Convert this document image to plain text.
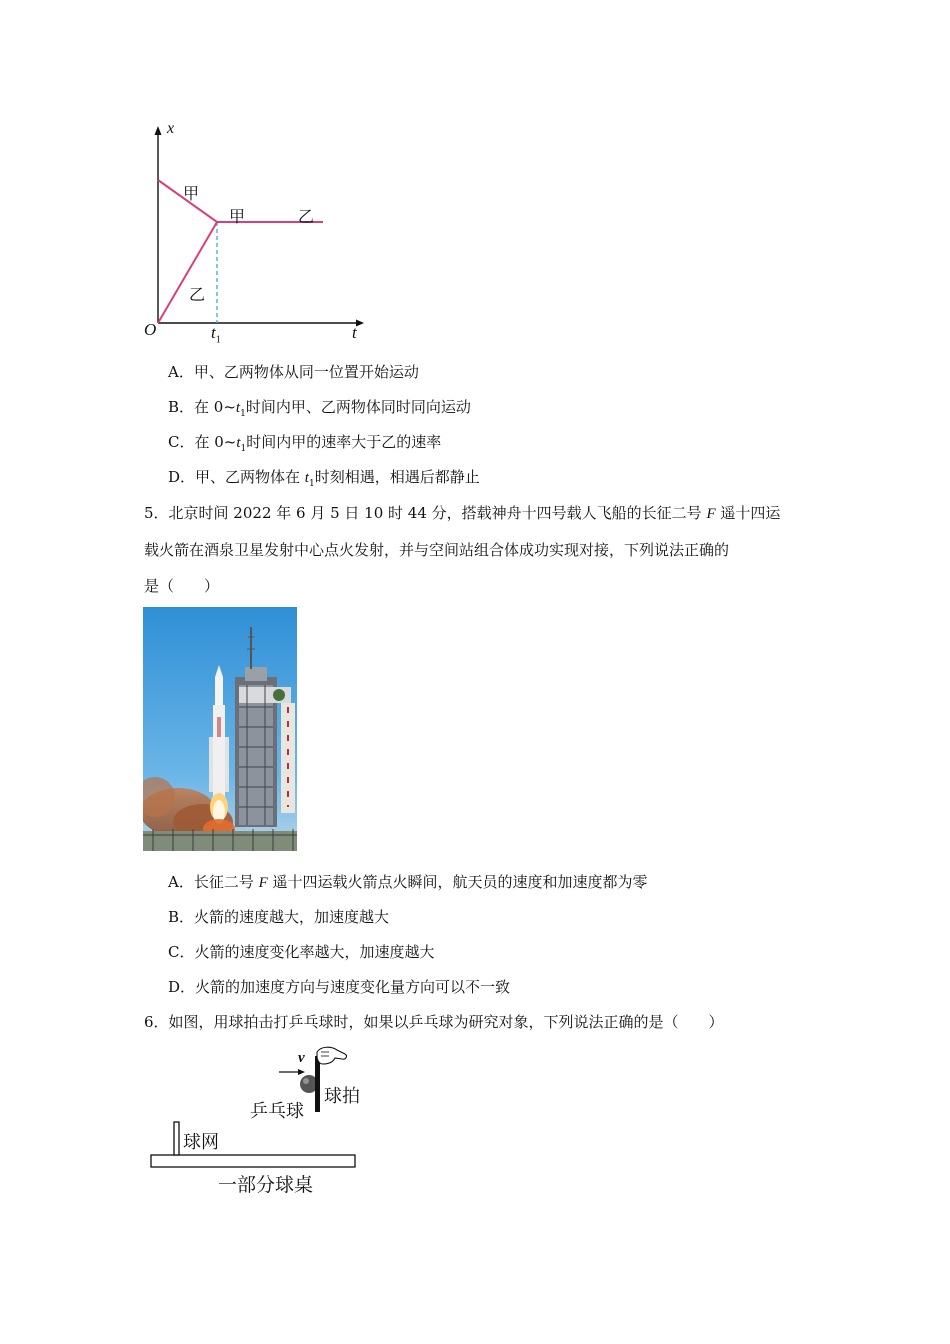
x
t
O	$t_1$
甲
甲	乙
乙
A．甲、乙两物体从同一位置开始运动
B．在 $0\sim t_1$时间内甲、乙两物体同时同向运动
C．在 $0\sim t_1$时间内甲的速率大于乙的速率
D．甲、乙两物体在 $t_1$时刻相遇，相遇后都静止
5．北京时间 2022 年 6 月 5 日 10 时 44 分，搭载神舟十四号载人飞船的长征二号 F 遥十四运
载火箭在酒泉卫星发射中心点火发射，并与空间站组合体成功实现对接，下列说法正确的
是（　　）
A．长征二号 F 遥十四运载火箭点火瞬间，航天员的速度和加速度都为零
B．火箭的速度越大，加速度越大
C．火箭的速度变化率越大，加速度越大
D．火箭的加速度方向与速度变化量方向可以不一致
6．如图，用球拍击打乒乓球时，如果以乒乓球为研究对象，下列说法正确的是（　　）
v
乒乓球
球拍
球网
一部分球桌
